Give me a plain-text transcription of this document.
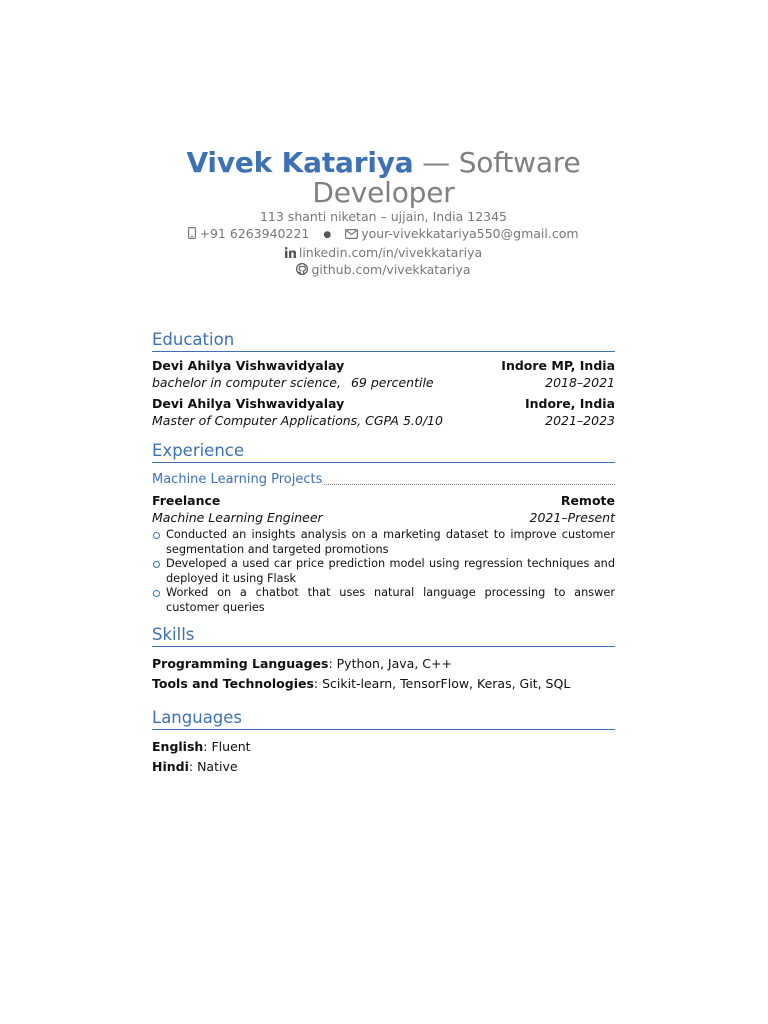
Vivek Katariya — Software Developer
113 shanti niketan – ujjain, India 12345
+91 6263940221 ● your-vivekkatariya550@gmail.com
linkedin.com/in/vivekkatariya
github.com/vivekkatariya
Education
Devi Ahilya Vishwavidyalay	Indore MP, India
bachelor in computer science, 69 percentile	2018–2021
Devi Ahilya Vishwavidyalay	Indore, India
Master of Computer Applications, CGPA 5.0/10	2021–2023
Experience
Machine Learning Projects
Freelance	Remote
Machine Learning Engineer	2021–Present
Conducted an insights analysis on a marketing dataset to improve customer segmentation and targeted promotions
Developed a used car price prediction model using regression techniques and deployed it using Flask
Worked on a chatbot that uses natural language processing to answer customer queries
Skills
Programming Languages: Python, Java, C++
Tools and Technologies: Scikit-learn, TensorFlow, Keras, Git, SQL
Languages
English: Fluent
Hindi: Native
